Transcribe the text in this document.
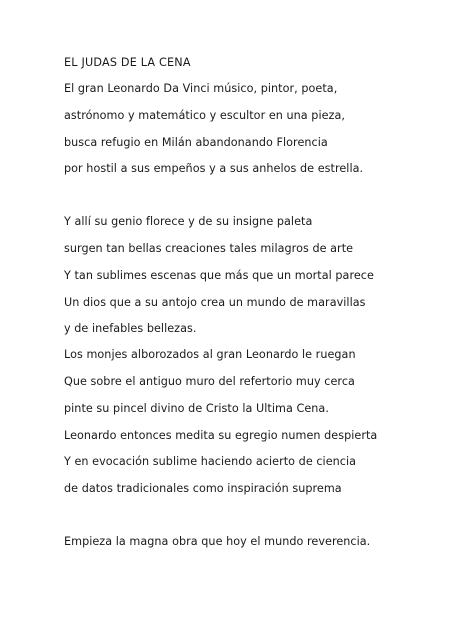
EL JUDAS DE LA CENA
El gran Leonardo Da Vinci músico, pintor, poeta,
astrónomo y matemático y escultor en una pieza,
busca refugio en Milán abandonando Florencia
por hostil a sus empeños y a sus anhelos de estrella.
Y allí su genio florece y de su insigne paleta
surgen tan bellas creaciones tales milagros de arte
Y tan sublimes escenas que más que un mortal parece
Un dios que a su antojo crea un mundo de maravillas
y de inefables bellezas.
Los monjes alborozados al gran Leonardo le ruegan
Que sobre el antiguo muro del refertorio muy cerca
pinte su pincel divino de Cristo la Ultima Cena.
Leonardo entonces medita su egregio numen despierta
Y en evocación sublime haciendo acierto de ciencia
de datos tradicionales como inspiración suprema
Empieza la magna obra que hoy el mundo reverencia.
